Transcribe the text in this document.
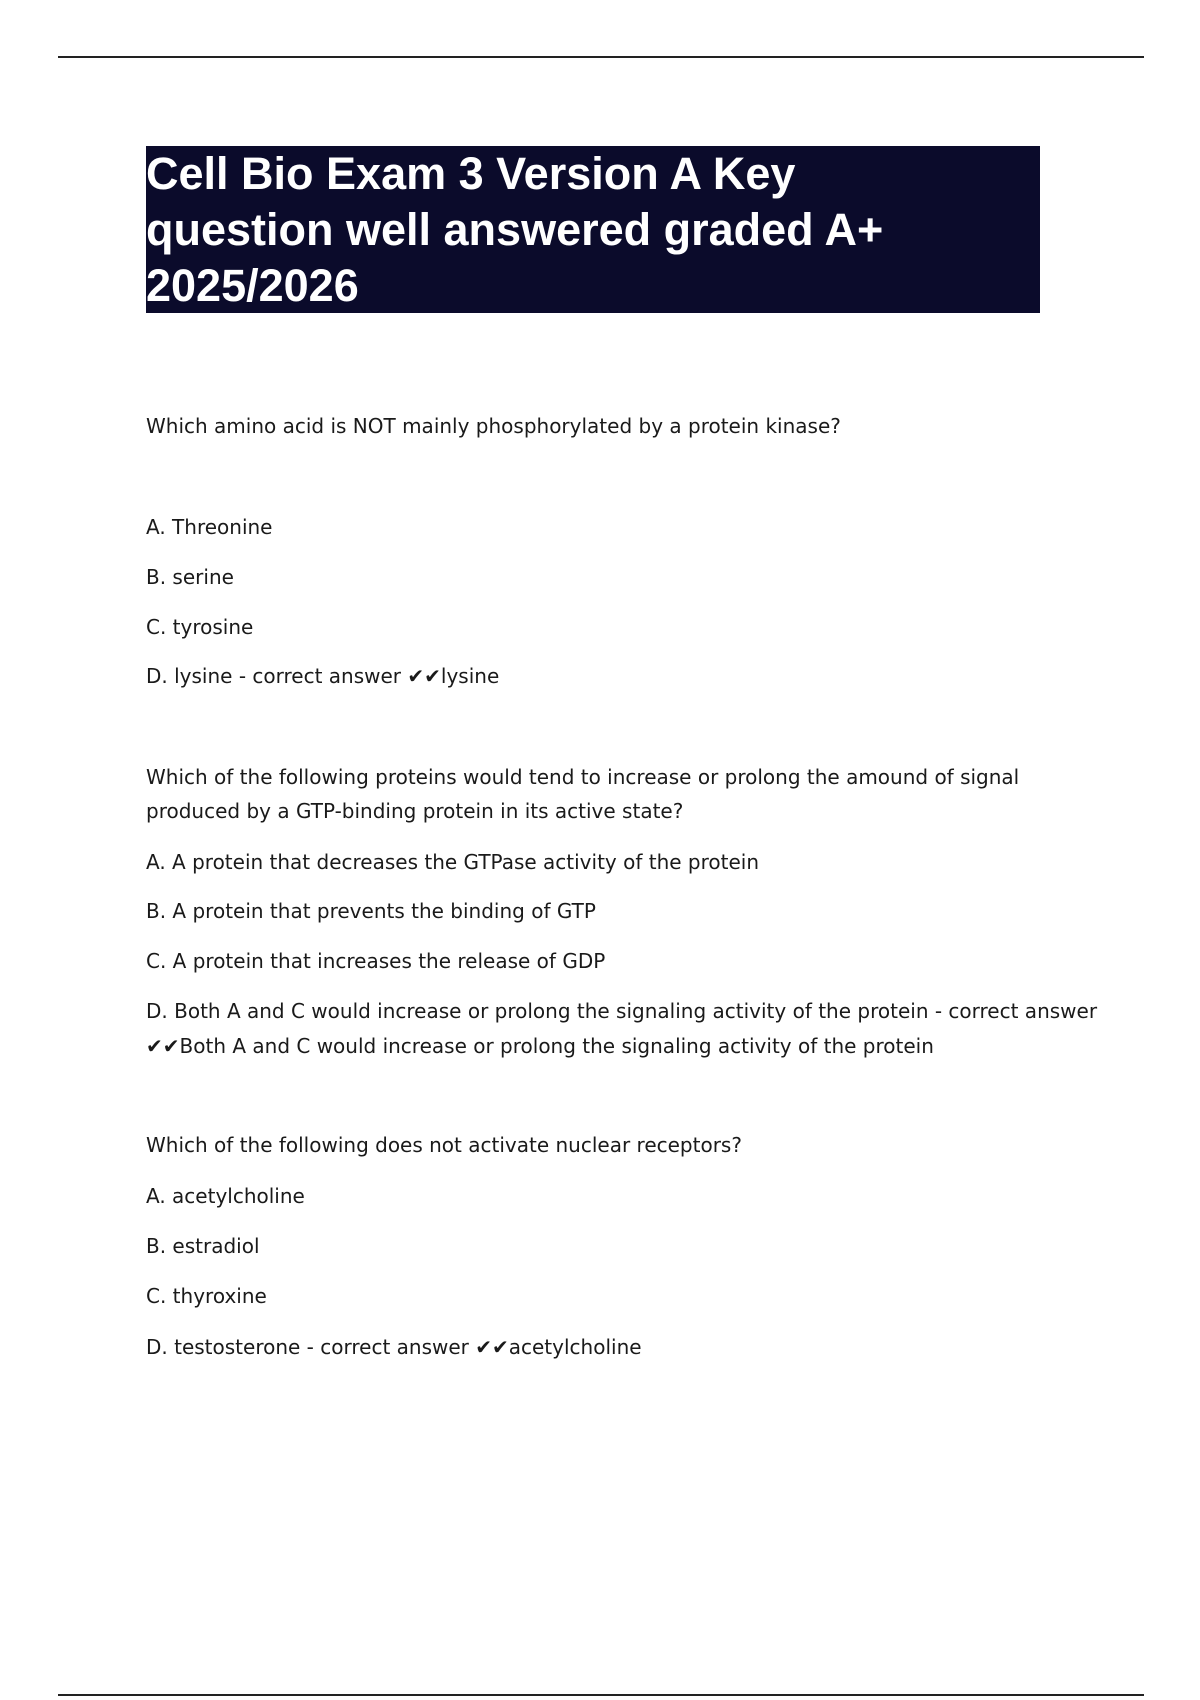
Cell Bio Exam 3 Version A Key
question well answered graded A+
2025/2026
Which amino acid is NOT mainly phosphorylated by a protein kinase?
A. Threonine
B. serine
C. tyrosine
D. lysine - correct answer ✔✔lysine
Which of the following proteins would tend to increase or prolong the amound of signal
produced by a GTP-binding protein in its active state?
A. A protein that decreases the GTPase activity of the protein
B. A protein that prevents the binding of GTP
C. A protein that increases the release of GDP
D. Both A and C would increase or prolong the signaling activity of the protein - correct answer
✔✔Both A and C would increase or prolong the signaling activity of the protein
Which of the following does not activate nuclear receptors?
A. acetylcholine
B. estradiol
C. thyroxine
D. testosterone - correct answer ✔✔acetylcholine
